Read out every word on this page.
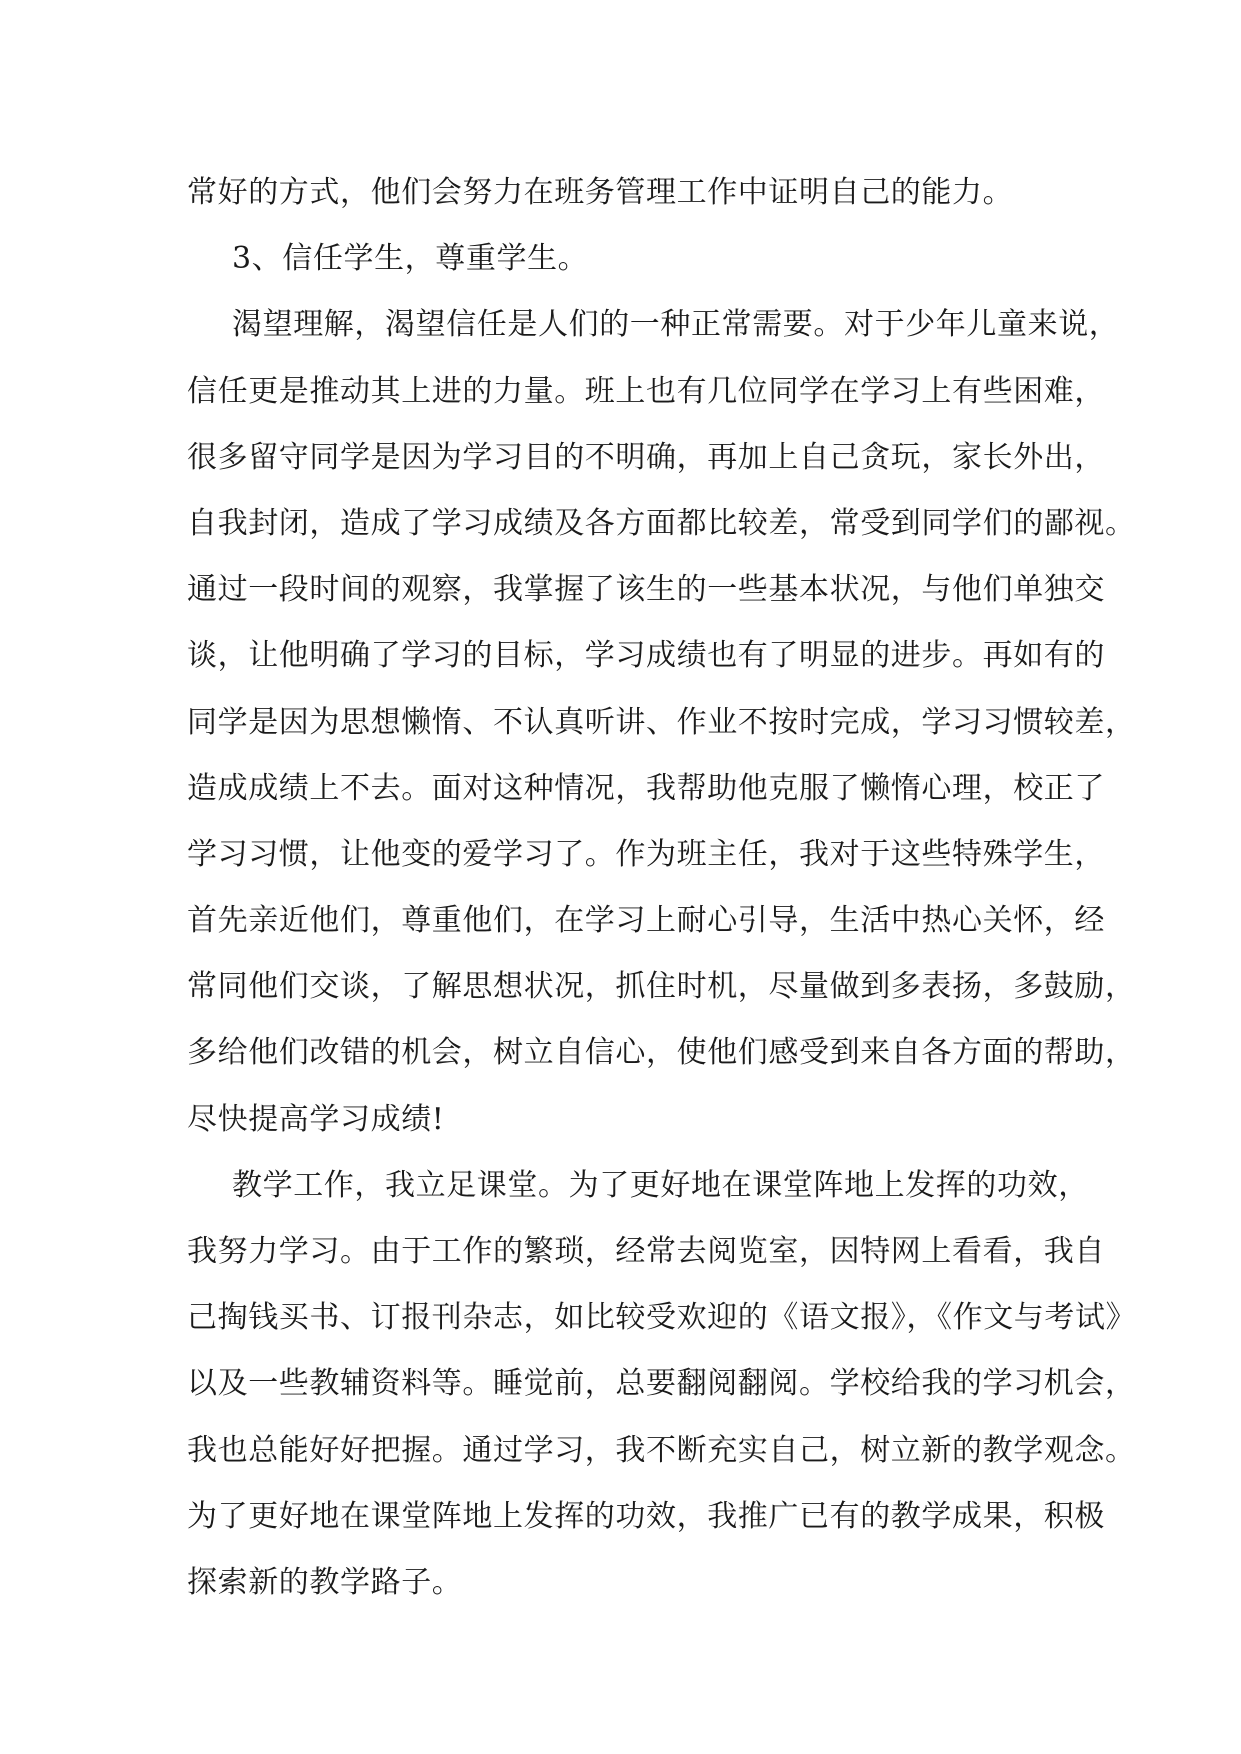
常好的方式，他们会努力在班务管理工作中证明自己的能力。
3、信任学生，尊重学生。
渴望理解，渴望信任是人们的一种正常需要。对于少年儿童来说，
信任更是推动其上进的力量。班上也有几位同学在学习上有些困难，
很多留守同学是因为学习目的不明确，再加上自己贪玩，家长外出，
自我封闭，造成了学习成绩及各方面都比较差，常受到同学们的鄙视。
通过一段时间的观察，我掌握了该生的一些基本状况，与他们单独交
谈，让他明确了学习的目标，学习成绩也有了明显的进步。再如有的
同学是因为思想懒惰、不认真听讲、作业不按时完成，学习习惯较差，
造成成绩上不去。面对这种情况，我帮助他克服了懒惰心理，校正了
学习习惯，让他变的爱学习了。作为班主任，我对于这些特殊学生，
首先亲近他们，尊重他们，在学习上耐心引导，生活中热心关怀，经
常同他们交谈，了解思想状况，抓住时机，尽量做到多表扬，多鼓励，
多给他们改错的机会，树立自信心，使他们感受到来自各方面的帮助，
尽快提高学习成绩!
教学工作，我立足课堂。为了更好地在课堂阵地上发挥的功效，
我努力学习。由于工作的繁琐，经常去阅览室，因特网上看看，我自
己掏钱买书、订报刊杂志，如比较受欢迎的《语文报》，《作文与考试》
以及一些教辅资料等。睡觉前，总要翻阅翻阅。学校给我的学习机会，
我也总能好好把握。通过学习，我不断充实自己，树立新的教学观念。
为了更好地在课堂阵地上发挥的功效，我推广已有的教学成果，积极
探索新的教学路子。
